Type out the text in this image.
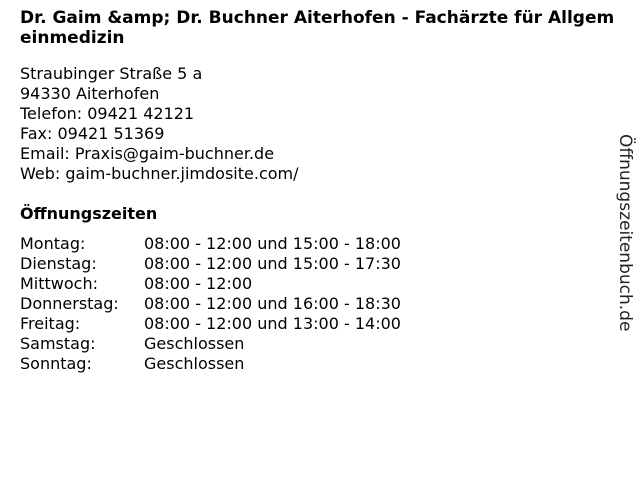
Dr. Gaim &amp; Dr. Buchner Aiterhofen - Fachärzte für Allgemeinmedizin
Straubinger Straße 5 a
94330 Aiterhofen
Telefon: 09421 42121
Fax: 09421 51369
Email: Praxis@gaim-buchner.de
Web: gaim-buchner.jimdosite.com/
Öffnungszeiten
Montag:	08:00 - 12:00 und 15:00 - 18:00
Dienstag:	08:00 - 12:00 und 15:00 - 17:30
Mittwoch:	08:00 - 12:00
Donnerstag: 08:00 - 12:00 und 16:00 - 18:30
Freitag:	08:00 - 12:00 und 13:00 - 14:00
Samstag:	Geschlossen
Sonntag:	Geschlossen
Öffnungszeitenbuch.de
